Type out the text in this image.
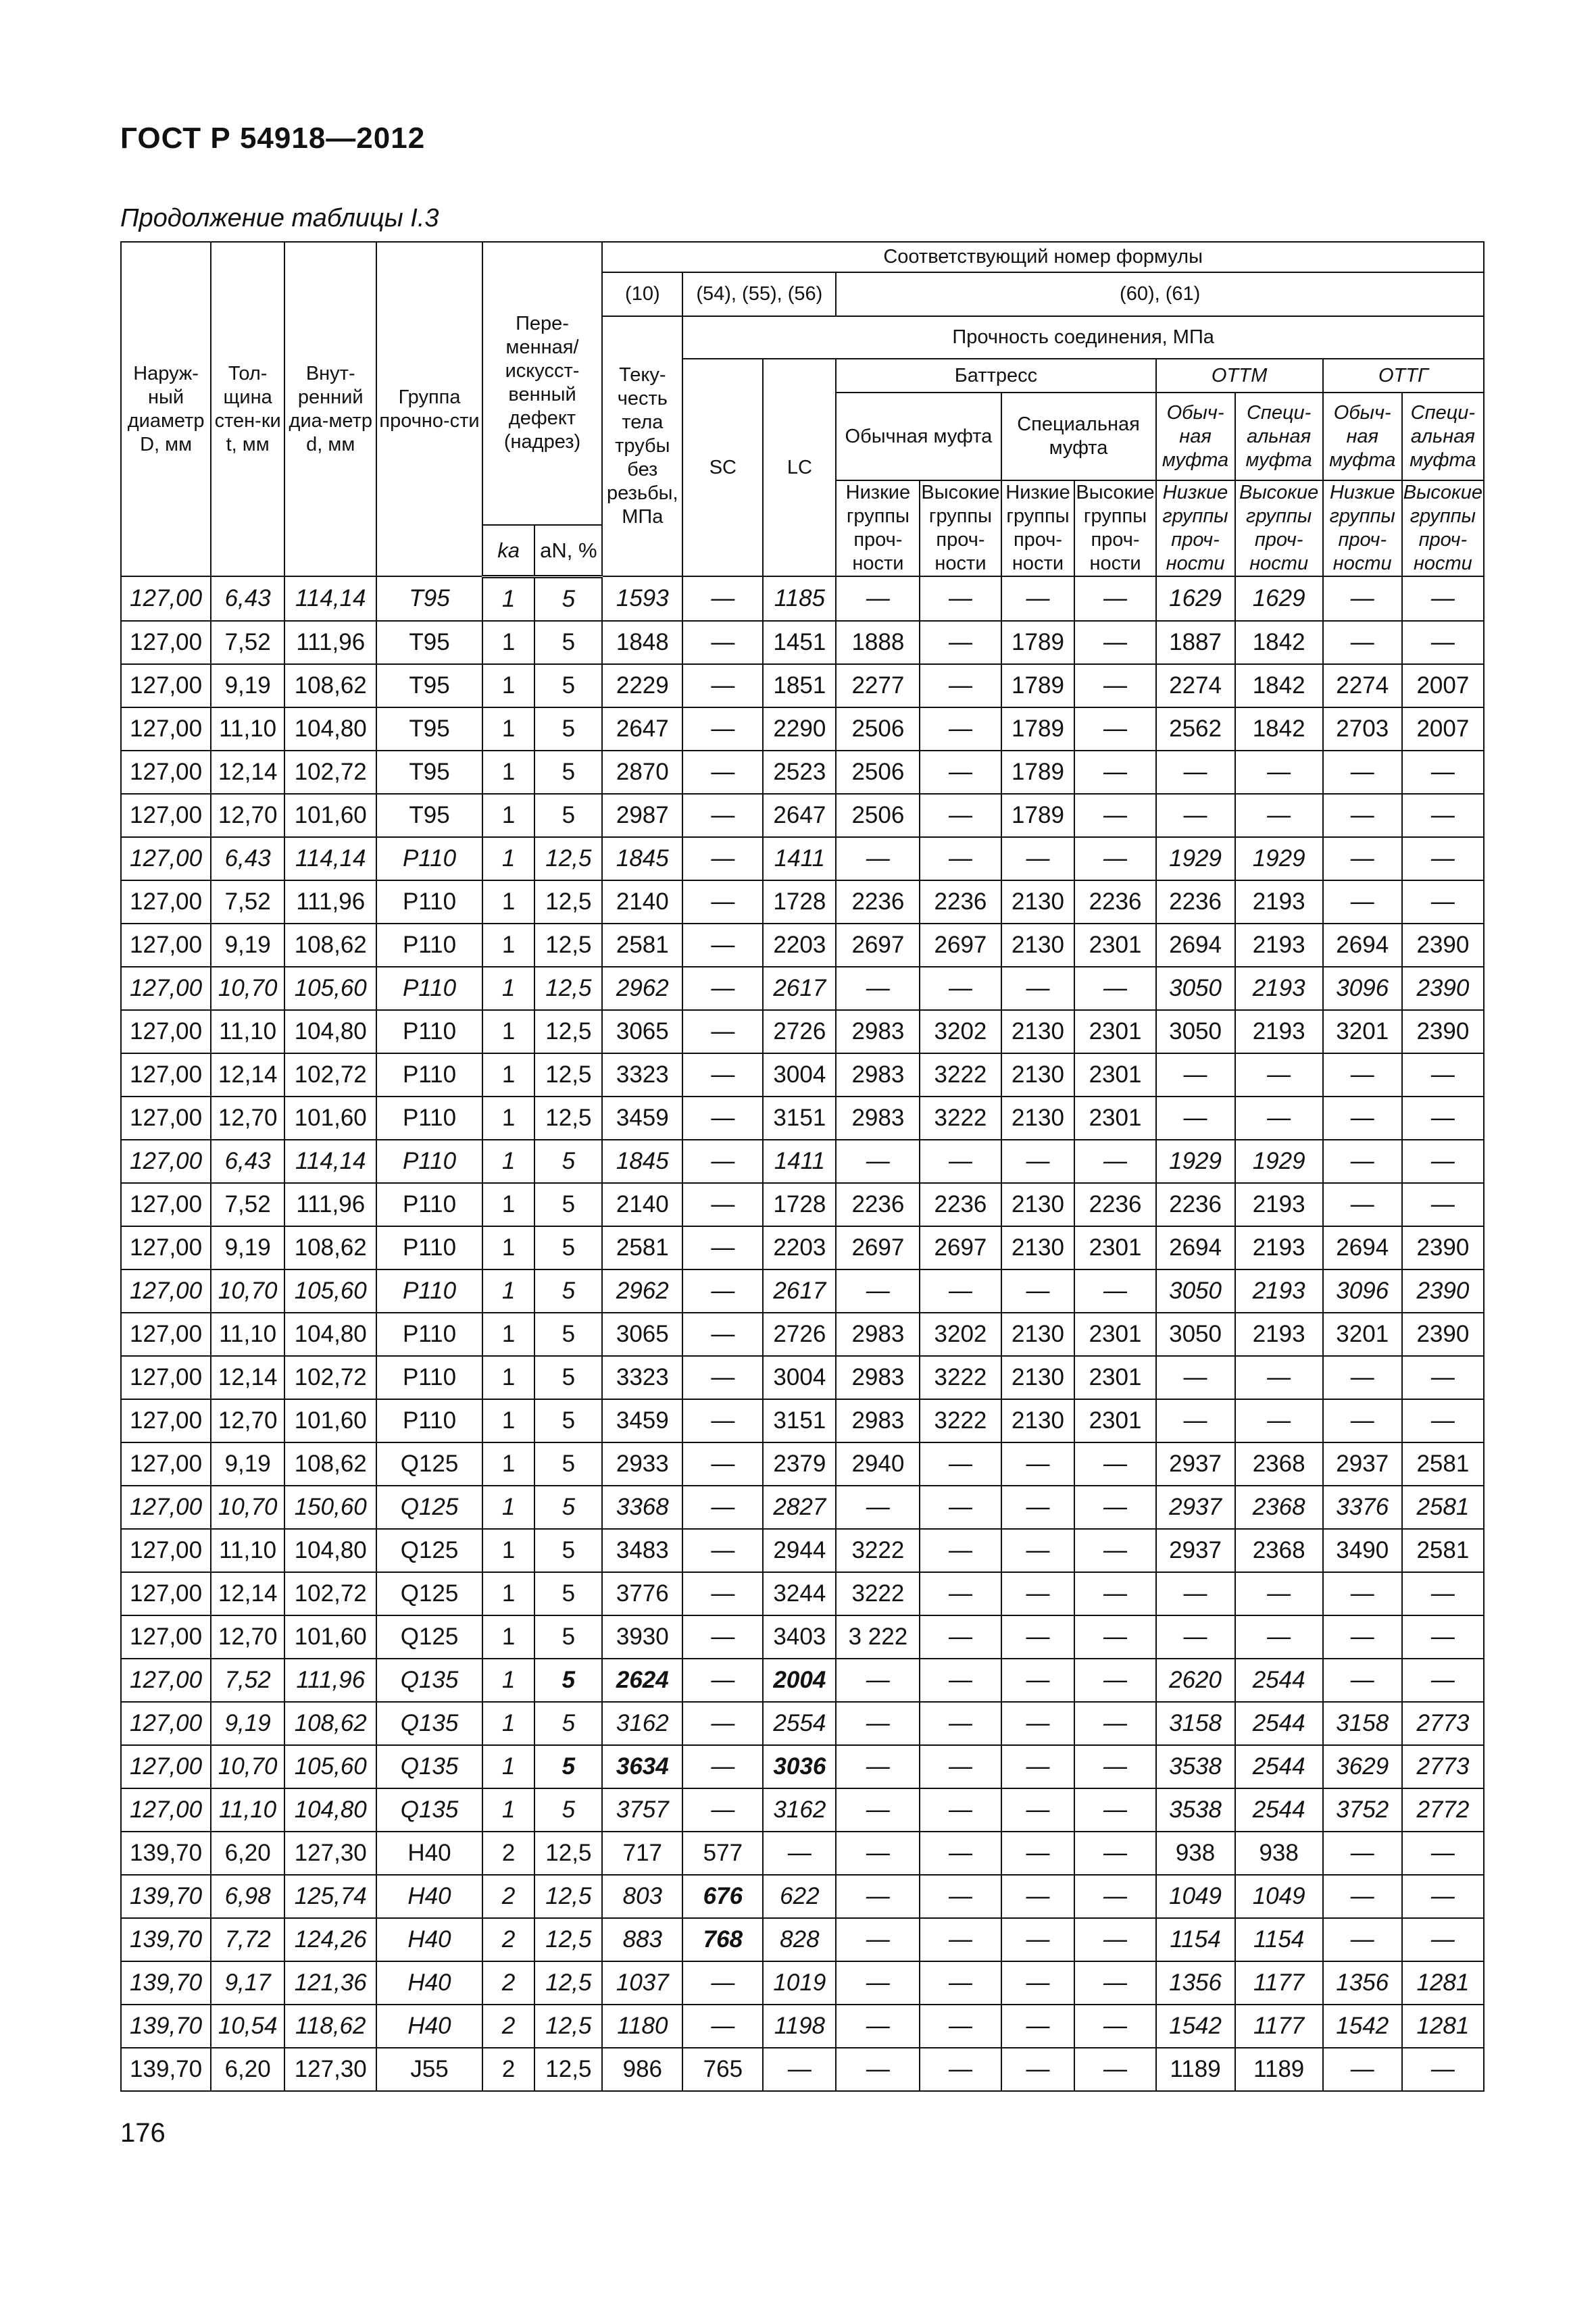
ГОСТ Р 54918—2012
Продолжение таблицы I.3
Наруж-ный диаметр D, мм	Тол-щина стен-ки t, мм	Внут-ренний диа-метр d, мм	Группа прочно-сти	Пере-менная/ искусст-венный дефект (надрез)		Соответствующий номер формулы										
						(10)	(54), (55), (56)		(60), (61)							
						Теку-честь тела трубы без резьбы, МПа	Прочность соединения, МПа									
							SC	LC	Баттресс				ОТТМ		ОТТГ	
									Обычная муфта		Специальная муфта		Обыч-ная муфта	Специ-альная муфта	Обыч-ная муфта	Специ-альная муфта
									Низкие группы проч-ности	Высокие группы проч-ности	Низкие группы проч-ности	Высокие группы проч-ности	Низкие группы проч-ности	Высокие группы проч-ности	Низкие группы проч-ности	Высокие группы проч-ности
				kа	aN, %											
127,00	6,43	114,14	T95	1	5	1593	—	1185	—	—	—	—	1629	1629	—	—
127,00	7,52	111,96	T95	1	5	1848	—	1451	1888	—	1789	—	1887	1842	—	—
127,00	9,19	108,62	T95	1	5	2229	—	1851	2277	—	1789	—	2274	1842	2274	2007
127,00	11,10	104,80	T95	1	5	2647	—	2290	2506	—	1789	—	2562	1842	2703	2007
127,00	12,14	102,72	T95	1	5	2870	—	2523	2506	—	1789	—	—	—	—	—
127,00	12,70	101,60	T95	1	5	2987	—	2647	2506	—	1789	—	—	—	—	—
127,00	6,43	114,14	P110	1	12,5	1845	—	1411	—	—	—	—	1929	1929	—	—
127,00	7,52	111,96	P110	1	12,5	2140	—	1728	2236	2236	2130	2236	2236	2193	—	—
127,00	9,19	108,62	P110	1	12,5	2581	—	2203	2697	2697	2130	2301	2694	2193	2694	2390
127,00	10,70	105,60	P110	1	12,5	2962	—	2617	—	—	—	—	3050	2193	3096	2390
127,00	11,10	104,80	P110	1	12,5	3065	—	2726	2983	3202	2130	2301	3050	2193	3201	2390
127,00	12,14	102,72	P110	1	12,5	3323	—	3004	2983	3222	2130	2301	—	—	—	—
127,00	12,70	101,60	P110	1	12,5	3459	—	3151	2983	3222	2130	2301	—	—	—	—
127,00	6,43	114,14	P110	1	5	1845	—	1411	—	—	—	—	1929	1929	—	—
127,00	7,52	111,96	P110	1	5	2140	—	1728	2236	2236	2130	2236	2236	2193	—	—
127,00	9,19	108,62	P110	1	5	2581	—	2203	2697	2697	2130	2301	2694	2193	2694	2390
127,00	10,70	105,60	P110	1	5	2962	—	2617	—	—	—	—	3050	2193	3096	2390
127,00	11,10	104,80	P110	1	5	3065	—	2726	2983	3202	2130	2301	3050	2193	3201	2390
127,00	12,14	102,72	P110	1	5	3323	—	3004	2983	3222	2130	2301	—	—	—	—
127,00	12,70	101,60	P110	1	5	3459	—	3151	2983	3222	2130	2301	—	—	—	—
127,00	9,19	108,62	Q125	1	5	2933	—	2379	2940	—	—	—	2937	2368	2937	2581
127,00	10,70	150,60	Q125	1	5	3368	—	2827	—	—	—	—	2937	2368	3376	2581
127,00	11,10	104,80	Q125	1	5	3483	—	2944	3222	—	—	—	2937	2368	3490	2581
127,00	12,14	102,72	Q125	1	5	3776	—	3244	3222	—	—	—	—	—	—	—
127,00	12,70	101,60	Q125	1	5	3930	—	3403	3 222	—	—	—	—	—	—	—
127,00	7,52	111,96	Q135	1	5	2624	—	2004	—	—	—	—	2620	2544	—	—
127,00	9,19	108,62	Q135	1	5	3162	—	2554	—	—	—	—	3158	2544	3158	2773
127,00	10,70	105,60	Q135	1	5	3634	—	3036	—	—	—	—	3538	2544	3629	2773
127,00	11,10	104,80	Q135	1	5	3757	—	3162	—	—	—	—	3538	2544	3752	2772
139,70	6,20	127,30	H40	2	12,5	717	577	—	—	—	—	—	938	938	—	—
139,70	6,98	125,74	H40	2	12,5	803	676	622	—	—	—	—	1049	1049	—	—
139,70	7,72	124,26	H40	2	12,5	883	768	828	—	—	—	—	1154	1154	—	—
139,70	9,17	121,36	H40	2	12,5	1037	—	1019	—	—	—	—	1356	1177	1356	1281
139,70	10,54	118,62	H40	2	12,5	1180	—	1198	—	—	—	—	1542	1177	1542	1281
139,70	6,20	127,30	J55	2	12,5	986	765	—	—	—	—	—	1189	1189	—	—
176
